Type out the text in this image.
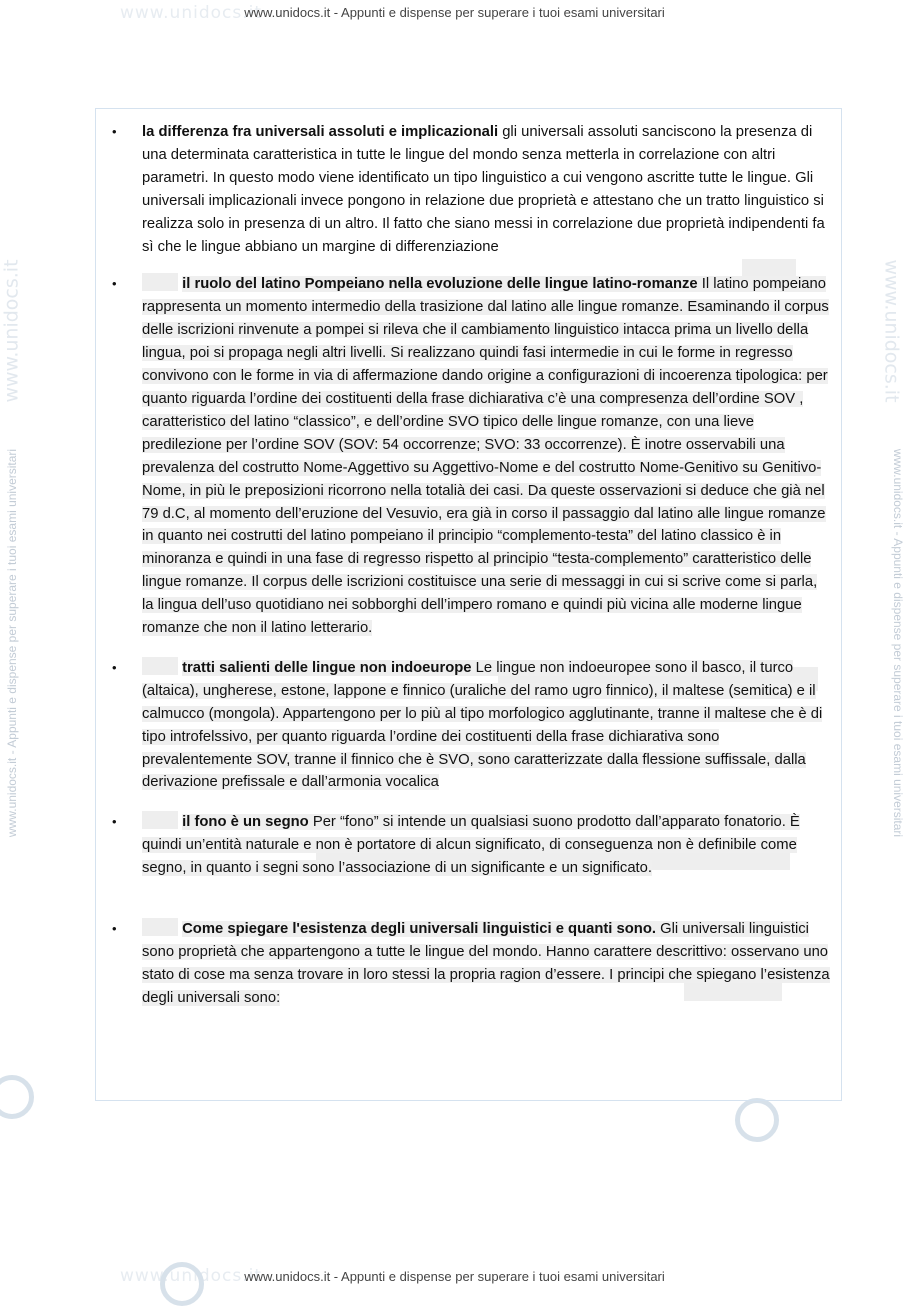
www.unidocs.it
www.unidocs.it
www.unidocs.it	www.unidocs.it
www.unidocs.it - Appunti e dispense per superare i tuoi esami universitari
www.unidocs.it - Appunti e dispense per superare i tuoi esami universitari
www.unidocs.it - Appunti e dispense per superare i tuoi esami universitari	www.unidocs.it - Appunti e dispense per superare i tuoi esami universitari
• la differenza fra universali assoluti e implicazionali gli universali assoluti sanciscono la presenza di una determinata caratteristica in tutte le lingue del mondo senza metterla in correlazione con altri parametri. In questo modo viene identificato un tipo linguistico a cui vengono ascritte tutte le lingue. Gli universali implicazionali invece pongono in relazione due proprietà e attestano che un tratto linguistico si realizza solo in presenza di un altro. Il fatto che siano messi in correlazione due proprietà indipendenti fa sì che le lingue abbiano un margine di differenziazione
•	il ruolo del latino Pompeiano nella evoluzione delle lingue latino-romanze Il latino pompeiano rappresenta un momento intermedio della trasizione dal latino alle lingue romanze. Esaminando il corpus delle iscrizioni rinvenute a pompei si rileva che il cambiamento linguistico intacca prima un livello della lingua, poi si propaga negli altri livelli. Si realizzano quindi fasi intermedie in cui le forme in regresso convivono con le forme in via di affermazione dando origine a configurazioni di incoerenza tipologica: per quanto riguarda l’ordine dei costituenti della frase dichiarativa c’è una compresenza dell’ordine SOV , caratteristico del latino “classico”, e dell’ordine SVO tipico delle lingue romanze, con una lieve predilezione per l’ordine SOV (SOV: 54 occorrenze; SVO: 33 occorrenze). È inotre osservabili una prevalenza del costrutto Nome-Aggettivo su Aggettivo-Nome e del costrutto Nome-Genitivo su Genitivo-Nome, in più le preposizioni ricorrono nella totalià dei casi. Da queste osservazioni si deduce che già nel 79 d.C, al momento dell’eruzione del Vesuvio, era già in corso il passaggio dal latino alle lingue romanze in quanto nei costrutti del latino pompeiano il principio “complemento-testa” del latino classico è in minoranza e quindi in una fase di regresso rispetto al principio “testa-complemento” caratteristico delle lingue romanze. Il corpus delle iscrizioni costituisce una serie di messaggi in cui si scrive come si parla, la lingua dell’uso quotidiano nei sobborghi dell’impero romano e quindi più vicina alle moderne lingue romanze che non il latino letterario.
•	tratti salienti delle lingue non indoeurope Le lingue non indoeuropee sono il basco, il turco (altaica), ungherese, estone, lappone e finnico (uraliche del ramo ugro finnico), il maltese (semitica) e il calmucco (mongola). Appartengono per lo più al tipo morfologico agglutinante, tranne il maltese che è di tipo introfelssivo, per quanto riguarda l’ordine dei costituenti della frase dichiarativa sono prevalentemente SOV, tranne il finnico che è SVO, sono caratterizzate dalla flessione suffissale, dalla derivazione prefissale e dall’armonia vocalica
•	il fono è un segno Per “fono” si intende un qualsiasi suono prodotto dall’apparato fonatorio. È quindi un’entità naturale e non è portatore di alcun significato, di conseguenza non è definibile come segno, in quanto i segni sono l’associazione di un significante e un significato.
•	Come spiegare l'esistenza degli universali linguistici e quanti sono. Gli universali linguistici sono proprietà che appartengono a tutte le lingue del mondo. Hanno carattere descrittivo: osservano uno stato di cose ma senza trovare in loro stessi la propria ragion d’essere. I principi che spiegano l’esistenza degli universali sono:
